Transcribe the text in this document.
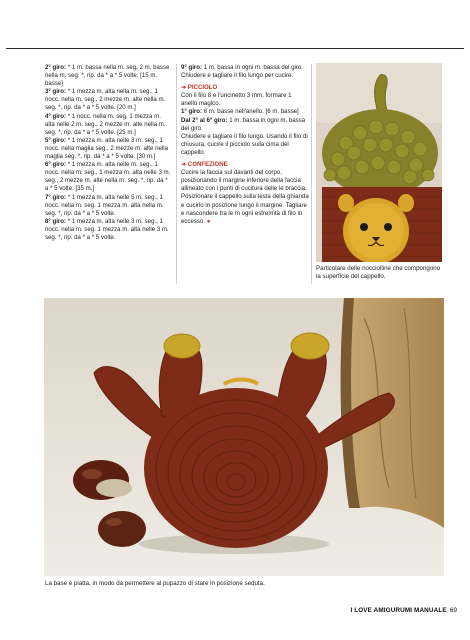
2° giro: * 1 m. bassa nella m. seg, 2 m. basse nella m. seg. *, rip. da * a * 5 volte. [15 m. basse]

3° giro: * 1 mezza m. alta nella m. seg., 1 nocc. nella m. seg., 2 mezze m. alte nella m. seg. *, rip. da * a * 5 volte. [20 m.]

4° giro: * 1 nocc. nella m. seg, 1 mezza m. alta nelle 2 m. seg., 2 mezze m. alte nella m. seg. *, rip. da * a * 5 volte. [25 m.]

5° giro: * 1 mezza m. alta nelle 3 m. seg., 1 nocc. nella maglia seg., 2 mezze m. alte nella maglia seg. *, rip. da * a * 5 volte. [30 m.]

6° giro: * 1 mezza m. alta nelle m. seg., 1 nocc. nella m. seg., 1 mezza m. alta nelle 3 m. seg., 2 mezze m. alte nella m. seg. *, rip. da * a * 5 volte. [35 m.]

7° giro: * 1 mezza m. alta nelle 5 m. seg., 1 nocc. nella m. seg. 1 mezza m. alta nella m. seg. *, rip. da * a * 5 volte.

8° giro: * 1 mezza m. alta nelle 3 m. seg., 1 nocc. nella m. seg. 1 mezza m. alta nelle 3 m. seg. *, rip. da * a * 5 volte.

9° giro: 1 m. bassa in ogni m. bassa del giro. Chiudere e tagliare il filo lungo per cucire.

➜ PICCIOLO

Con il filo 8 e l'uncinetto 3 mm, formare 1 anello magico.

1° giro: 6 m. basse nell'anello. [6 m. basse]

Dal 2° al 6° giro: 1 m. bassa in ogni m. bassa del giro.

Chiudere e tagliare il filo lungo. Usando il filo di chiusura, cucire il picciolo sulla cima del cappello.

➜ CONFEZIONE

Cucire la faccia sul davanti del corpo, posizionando il margine inferiore della faccia allineato con i punti di cucitura delle le braccia. Posizionare il cappello sulla testa della ghianda e cucirlo in posizione lungo il margine. Tagliare e nascondere tra le m ogni estremità di filo in eccesso. ●

Particolare delle nocciolline che compongono la superficie del cappello.
La base è piatta, in modo da permettere al pupazzo di stare in posizione seduta.
I LOVE AMIGURUMI MANUALE 69
